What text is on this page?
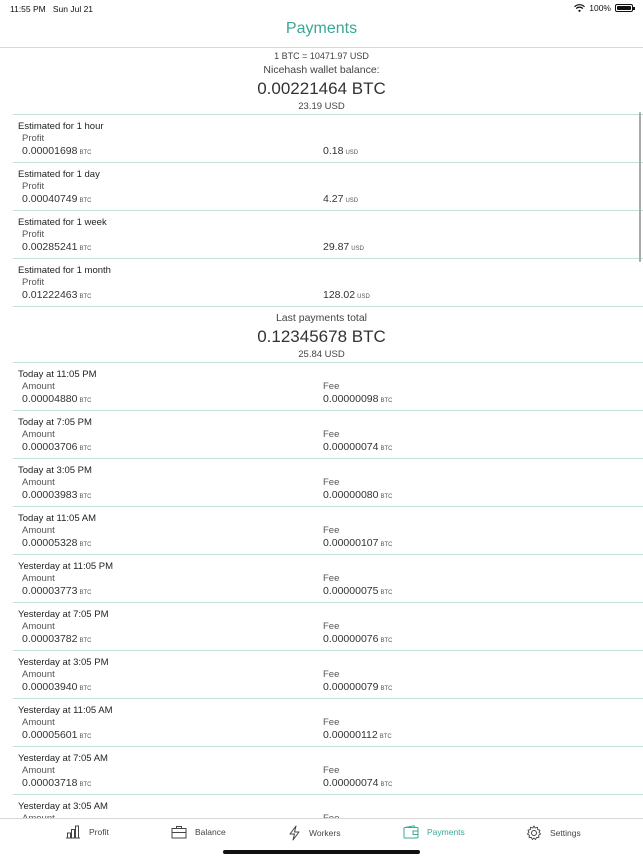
11:55 PM Sun Jul 21	100%
Payments
1 BTC = 10471.97 USD
Nicehash wallet balance:
0.00221464 BTC
23.19 USD
Estimated for 1 hour
Profit
0.00001698 BTC	0.18 USD
Estimated for 1 day
Profit
0.00040749 BTC	4.27 USD
Estimated for 1 week
Profit
0.00285241 BTC	29.87 USD
Estimated for 1 month
Profit
0.01222463 BTC	128.02 USD
Last payments total
0.12345678 BTC
25.84 USD
Today at 11:05 PM
Amount	Fee
0.00004880 BTC	0.00000098 BTC
Today at 7:05 PM
Amount	Fee
0.00003706 BTC	0.00000074 BTC
Today at 3:05 PM
Amount	Fee
0.00003983 BTC	0.00000080 BTC
Today at 11:05 AM
Amount	Fee
0.00005328 BTC	0.00000107 BTC
Yesterday at 11:05 PM
Amount	Fee
0.00003773 BTC	0.00000075 BTC
Yesterday at 7:05 PM
Amount	Fee
0.00003782 BTC	0.00000076 BTC
Yesterday at 3:05 PM
Amount	Fee
0.00003940 BTC	0.00000079 BTC
Yesterday at 11:05 AM
Amount	Fee
0.00005601 BTC	0.00000112 BTC
Yesterday at 7:05 AM
Amount	Fee
0.00003718 BTC	0.00000074 BTC
Yesterday at 3:05 AM
Profit	Balance	Workers	Payments	Settings
